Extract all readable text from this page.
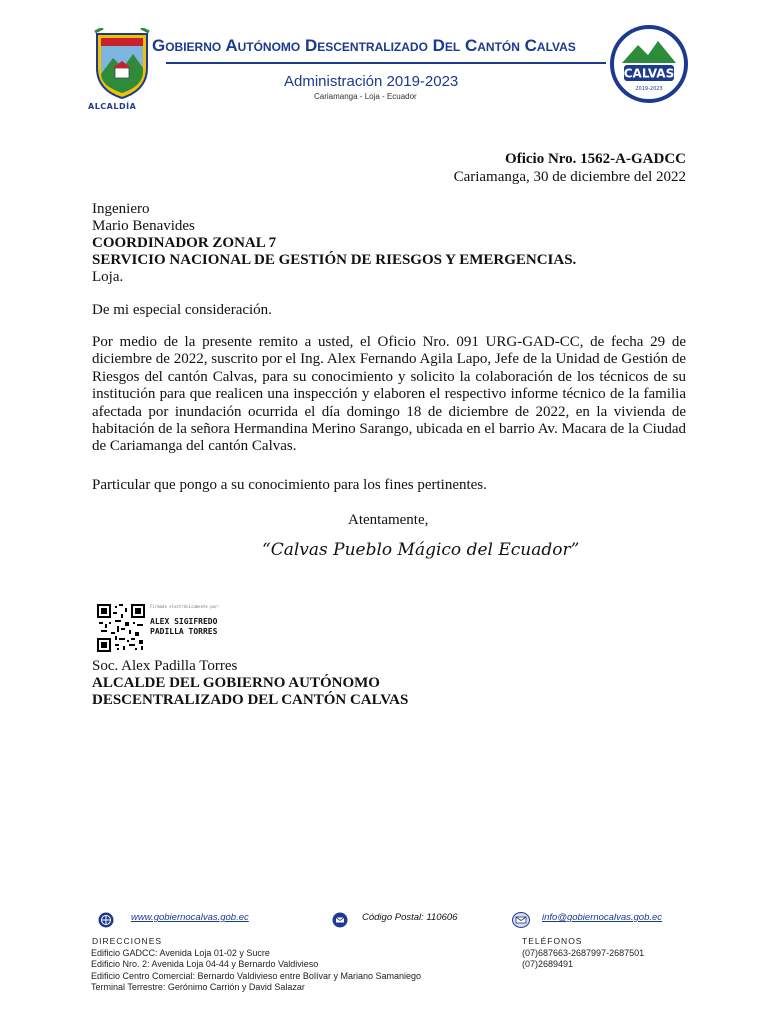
ALCALDÍA
Gobierno Autónomo Descentralizado Del Cantón Calvas
Administración 2019-2023
Cariamanga - Loja - Ecuador
CALVAS
2019-2023
Oficio Nro. 1562-A-GADCC
Cariamanga, 30 de diciembre del 2022
Ingeniero
Mario Benavides
COORDINADOR ZONAL 7
SERVICIO NACIONAL DE GESTIÓN DE RIESGOS Y EMERGENCIAS.
Loja.
De mi especial consideración.
Por medio de la presente remito a usted, el Oficio Nro. 091 URG-GAD-CC, de fecha 29 de diciembre de 2022, suscrito por el Ing. Alex Fernando Agila Lapo, Jefe de la Unidad de Gestión de Riesgos del cantón Calvas, para su conocimiento y solicito la colaboración de los técnicos de su institución para que realicen una inspección y elaboren el respectivo informe técnico de la familia afectada por inundación ocurrida el día domingo 18 de diciembre de 2022, en la vivienda de habitación de la señora Hermandina Merino Sarango, ubicada en el barrio Av. Macara de la Ciudad de Cariamanga del cantón Calvas.
Particular que pongo a su conocimiento para los fines pertinentes.
Atentamente,
“Calvas Pueblo Mágico del Ecuador”
Firmado electrónicamente por:
ALEX SIGIFREDO
PADILLA TORRES
Soc. Alex Padilla Torres
ALCALDE DEL GOBIERNO AUTÓNOMO
DESCENTRALIZADO DEL CANTÓN CALVAS
www.gobiernocalvas.gob.ec	Código Postal: 110606	info@gobiernocalvas.gob.ec
DIRECCIONES
Edificio GADCC: Avenida Loja 01-02 y Sucre
Edificio Nro. 2: Avenida Loja 04-44 y Bernardo Valdivieso
Edificio Centro Comercial: Bernardo Valdivieso entre Bolívar y Mariano Samaniego
Terminal Terrestre: Gerónimo Carrión y David Salazar
TELÉFONOS
(07)687663-2687997-2687501
(07)2689491
